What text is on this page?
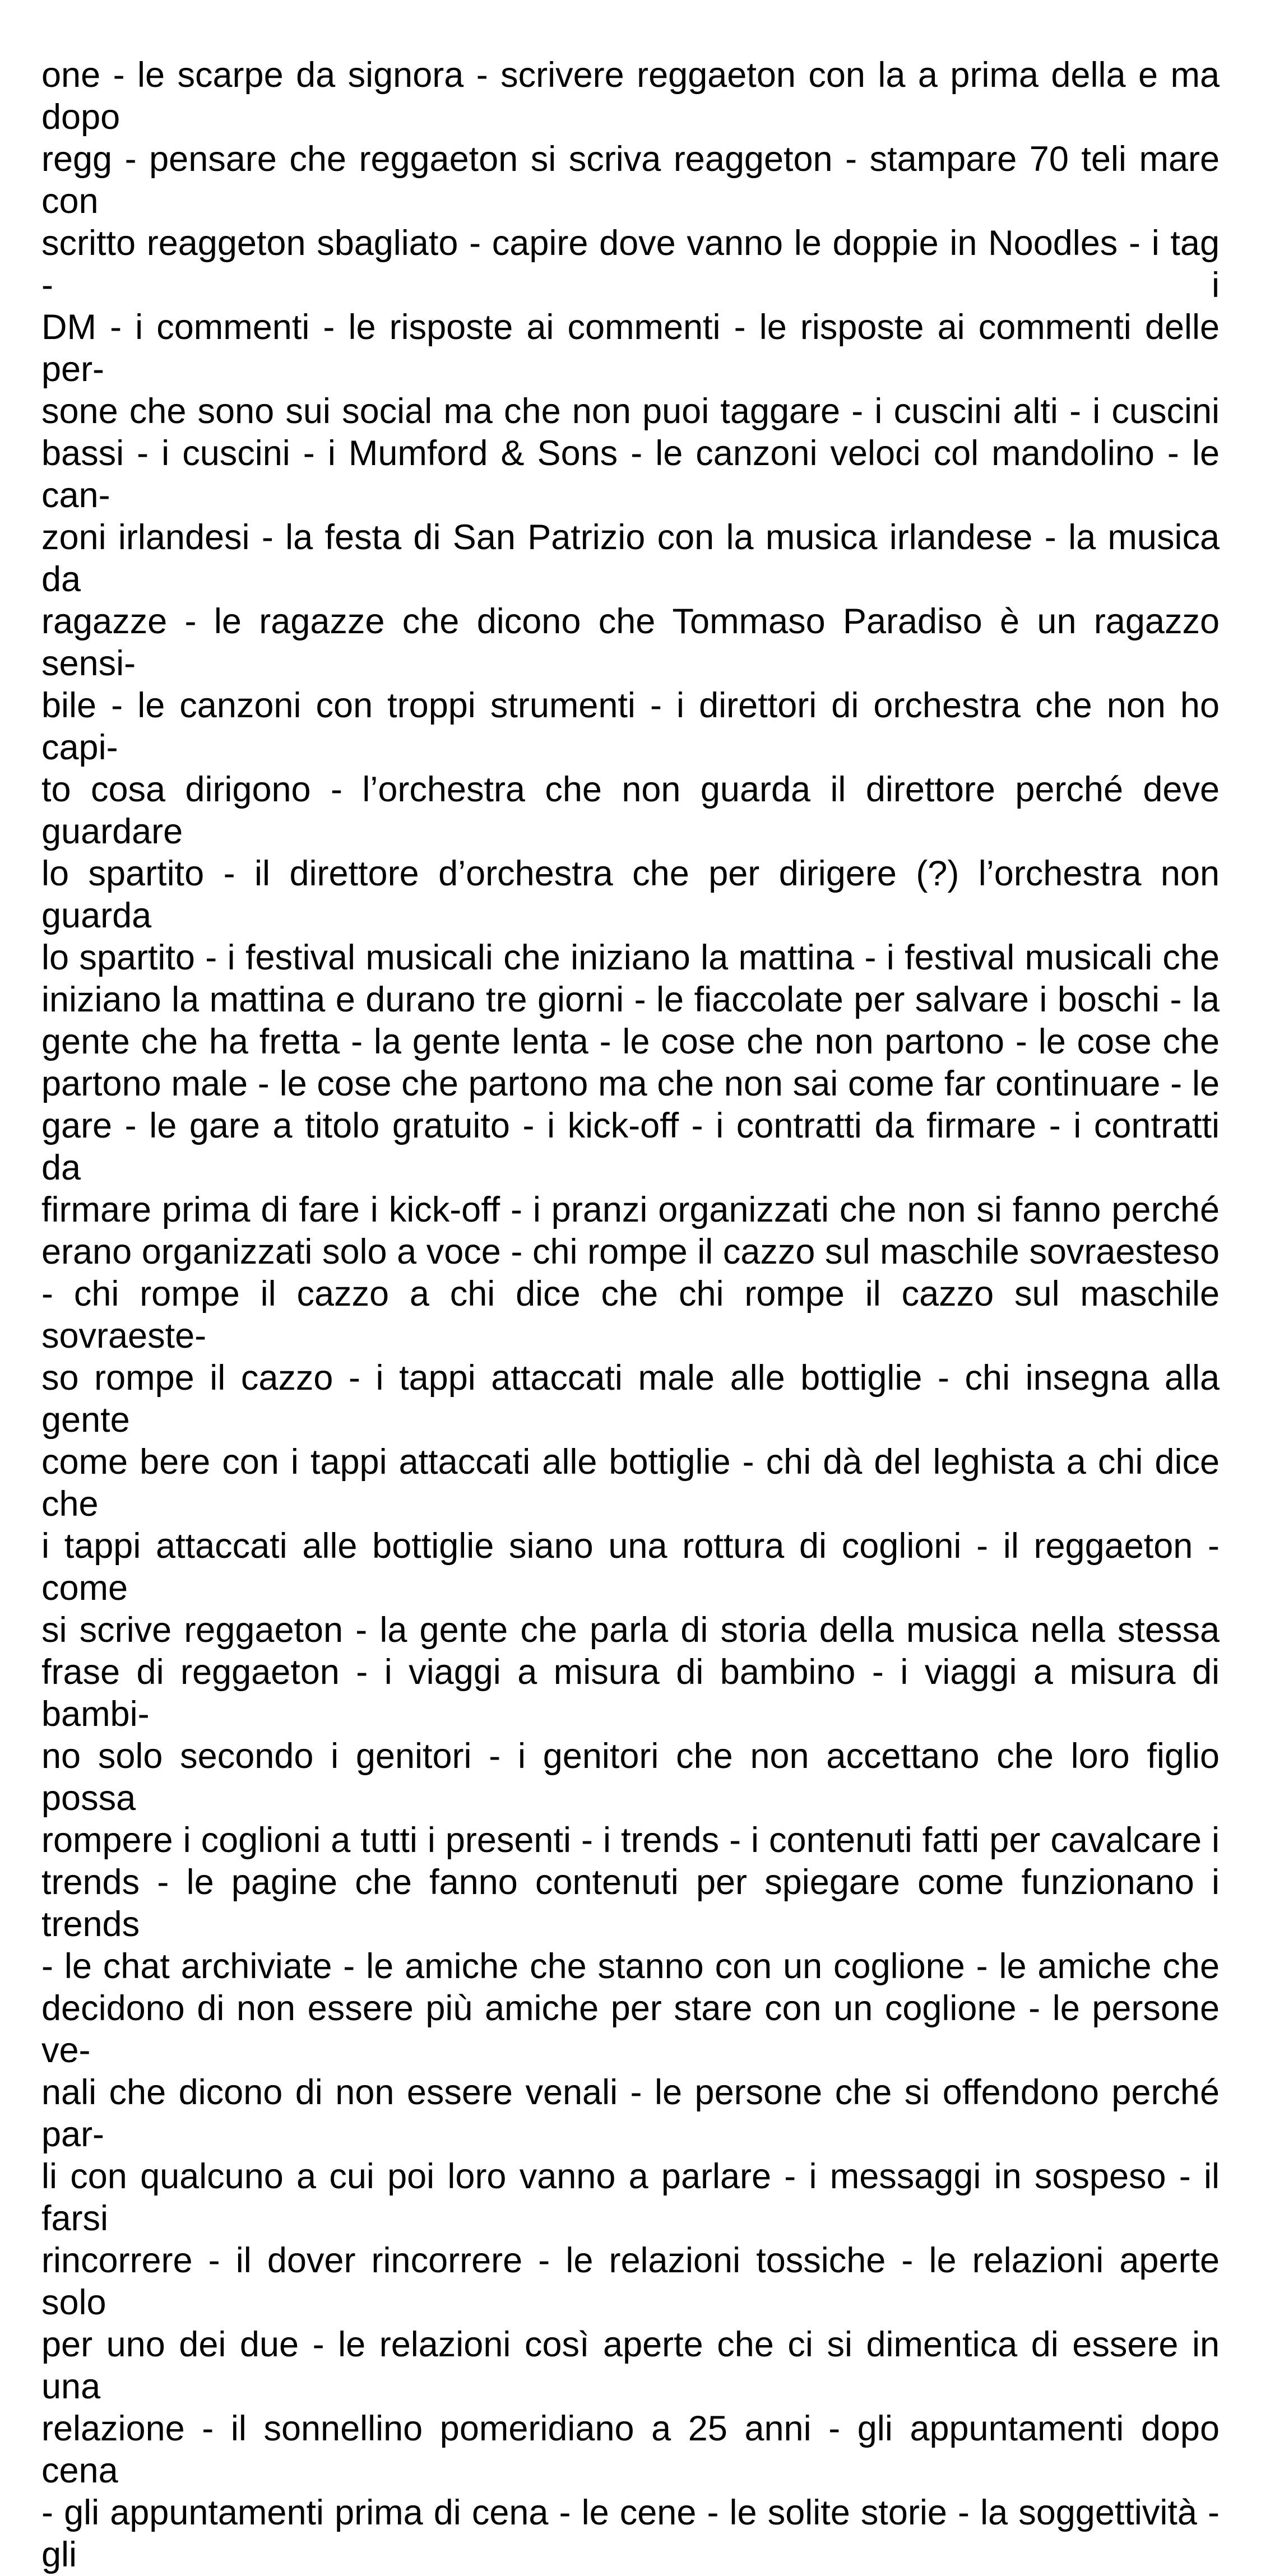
one - le scarpe da signora - scrivere reggaeton con la a prima della e ma dopo
regg - pensare che reggaeton si scriva reaggeton - stampare 70 teli mare con
scritto reaggeton sbagliato - capire dove vanno le doppie in Noodles - i tag - i
DM - i commenti - le risposte ai commenti - le risposte ai commenti delle per-
sone che sono sui social ma che non puoi taggare - i cuscini alti - i cuscini
bassi - i cuscini - i Mumford & Sons - le canzoni veloci col mandolino - le can-
zoni irlandesi - la festa di San Patrizio con la musica irlandese - la musica da
ragazze - le ragazze che dicono che Tommaso Paradiso è un ragazzo sensi-
bile - le canzoni con troppi strumenti - i direttori di orchestra che non ho capi-
to cosa dirigono - l’orchestra che non guarda il direttore perché deve guardare
lo spartito - il direttore d’orchestra che per dirigere (?) l’orchestra non guarda
lo spartito - i festival musicali che iniziano la mattina - i festival musicali che
iniziano la mattina e durano tre giorni - le fiaccolate per salvare i boschi - la
gente che ha fretta - la gente lenta - le cose che non partono - le cose che
partono male - le cose che partono ma che non sai come far continuare - le
gare - le gare a titolo gratuito - i kick-off - i contratti da firmare - i contratti da
firmare prima di fare i kick-off - i pranzi organizzati che non si fanno perché
erano organizzati solo a voce - chi rompe il cazzo sul maschile sovraesteso
- chi rompe il cazzo a chi dice che chi rompe il cazzo sul maschile sovraeste-
so rompe il cazzo - i tappi attaccati male alle bottiglie - chi insegna alla gente
come bere con i tappi attaccati alle bottiglie - chi dà del leghista a chi dice che
i tappi attaccati alle bottiglie siano una rottura di coglioni - il reggaeton - come
si scrive reggaeton - la gente che parla di storia della musica nella stessa
frase di reggaeton - i viaggi a misura di bambino - i viaggi a misura di bambi-
no solo secondo i genitori - i genitori che non accettano che loro figlio possa
rompere i coglioni a tutti i presenti - i trends - i contenuti fatti per cavalcare i
trends - le pagine che fanno contenuti per spiegare come funzionano i trends
- le chat archiviate - le amiche che stanno con un coglione - le amiche che
decidono di non essere più amiche per stare con un coglione - le persone ve-
nali che dicono di non essere venali - le persone che si offendono perché par-
li con qualcuno a cui poi loro vanno a parlare - i messaggi in sospeso - il farsi
rincorrere - il dover rincorrere - le relazioni tossiche - le relazioni aperte solo
per uno dei due - le relazioni così aperte che ci si dimentica di essere in una
relazione - il sonnellino pomeridiano a 25 anni - gli appuntamenti dopo cena
- gli appuntamenti prima di cena - le cene - le solite storie - la soggettività - gli
